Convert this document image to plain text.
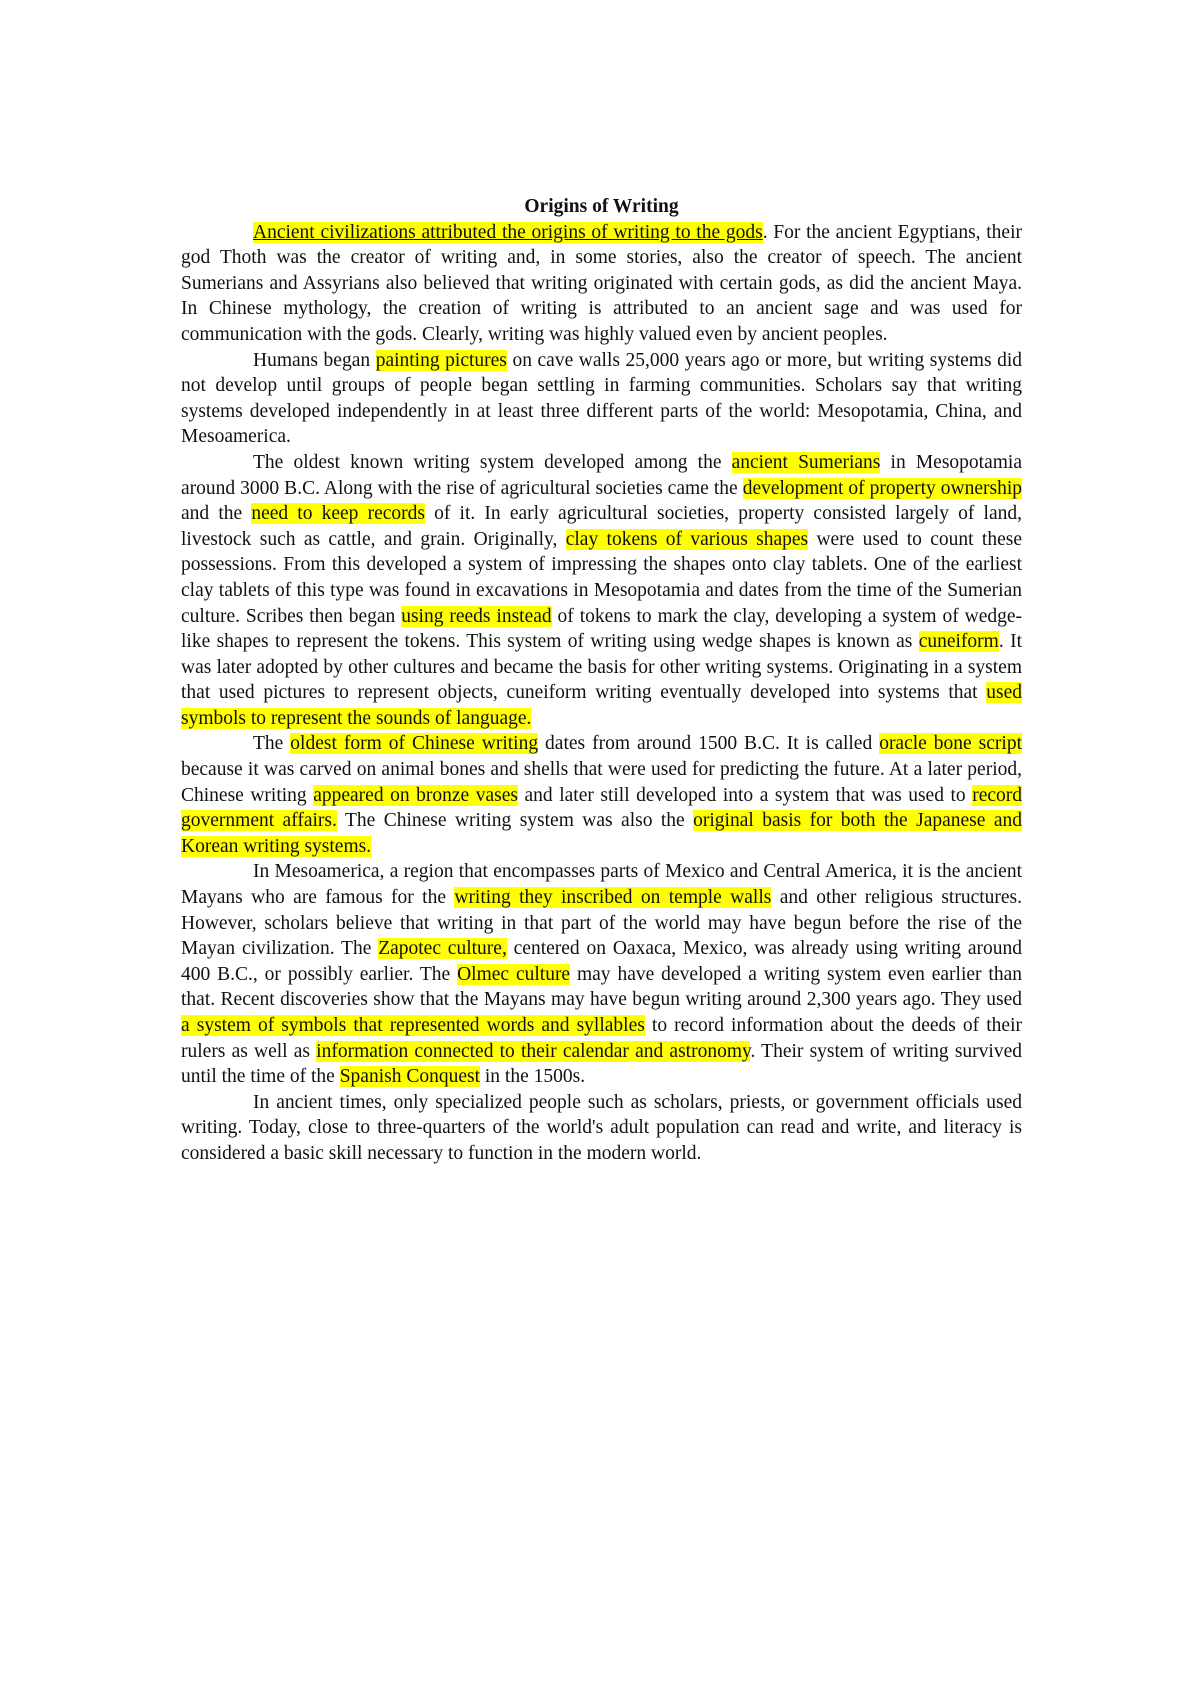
Origins of Writing

Ancient civilizations attributed the origins of writing to the gods. For the ancient Egyptians, their god Thoth was the creator of writing and, in some stories, also the creator of speech. The ancient Sumerians and Assyrians also believed that writing originated with certain gods, as did the ancient Maya. In Chinese mythology, the creation of writing is attributed to an ancient sage and was used for communication with the gods. Clearly, writing was highly valued even by ancient peoples.

Humans began painting pictures on cave walls 25,000 years ago or more, but writing systems did not develop until groups of people began settling in farming communities. Scholars say that writing systems developed independently in at least three different parts of the world: Mesopotamia, China, and Mesoamerica.

The oldest known writing system developed among the ancient Sumerians in Mesopotamia around 3000 B.C. Along with the rise of agricultural societies came the development of property ownership and the need to keep records of it. In early agricultural societies, property consisted largely of land, livestock such as cattle, and grain. Originally, clay tokens of various shapes were used to count these possessions. From this developed a system of impressing the shapes onto clay tablets. One of the earliest clay tablets of this type was found in excavations in Mesopotamia and dates from the time of the Sumerian culture. Scribes then began using reeds instead of tokens to mark the clay, developing a system of wedge-like shapes to represent the tokens. This system of writing using wedge shapes is known as cuneiform. It was later adopted by other cultures and became the basis for other writing systems. Originating in a system that used pictures to represent objects, cuneiform writing eventually developed into systems that used symbols to represent the sounds of language.

The oldest form of Chinese writing dates from around 1500 B.C. It is called oracle bone script because it was carved on animal bones and shells that were used for predicting the future. At a later period, Chinese writing appeared on bronze vases and later still developed into a system that was used to record government affairs. The Chinese writing system was also the original basis for both the Japanese and Korean writing systems.

In Mesoamerica, a region that encompasses parts of Mexico and Central America, it is the ancient Mayans who are famous for the writing they inscribed on temple walls and other religious structures. However, scholars believe that writing in that part of the world may have begun before the rise of the Mayan civilization. The Zapotec culture, centered on Oaxaca, Mexico, was already using writing around 400 B.C., or possibly earlier. The Olmec culture may have developed a writing system even earlier than that. Recent discoveries show that the Mayans may have begun writing around 2,300 years ago. They used a system of symbols that represented words and syllables to record information about the deeds of their rulers as well as information connected to their calendar and astronomy. Their system of writing survived until the time of the Spanish Conquest in the 1500s.

In ancient times, only specialized people such as scholars, priests, or government officials used writing. Today, close to three-quarters of the world's adult population can read and write, and literacy is considered a basic skill necessary to function in the modern world.
